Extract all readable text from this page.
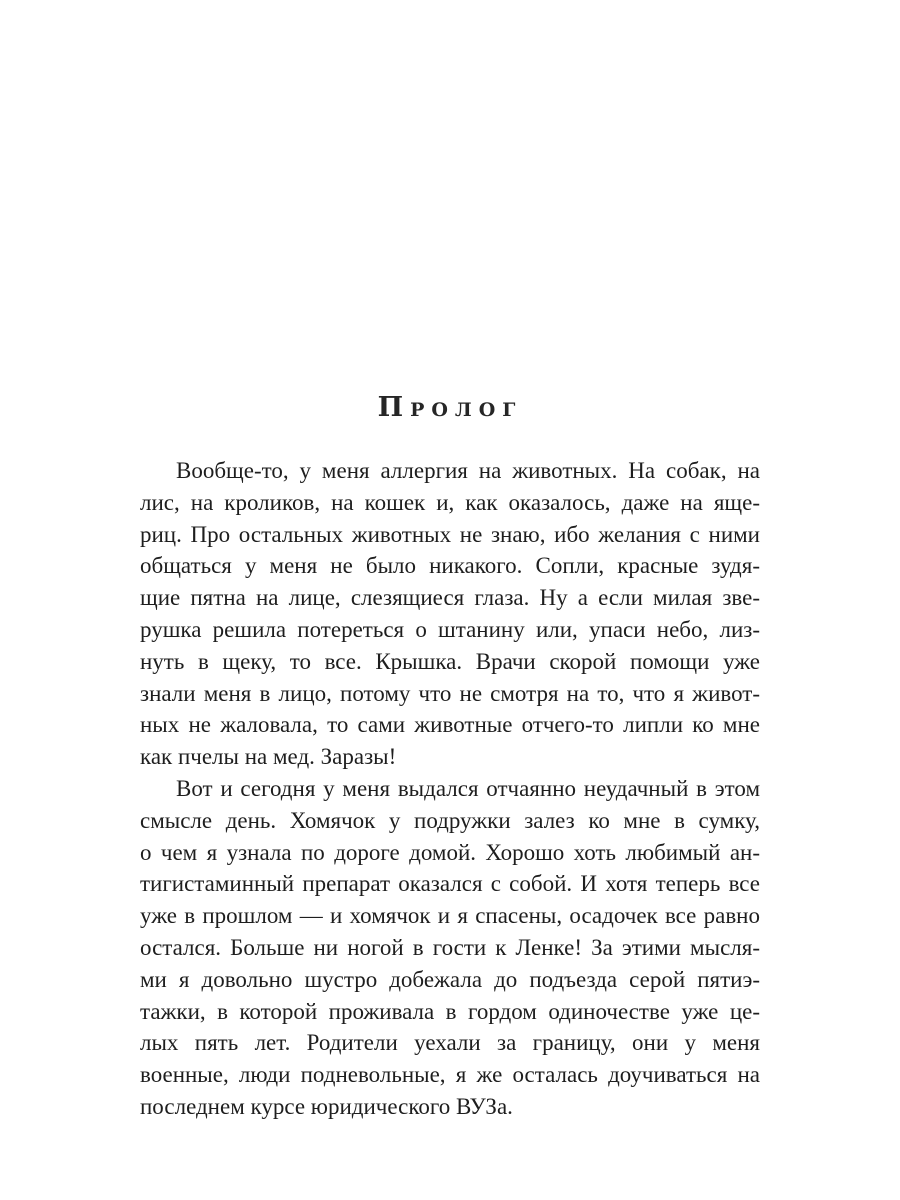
Пролог
Вообще-то, у меня аллергия на животных. На собак, на
лис, на кроликов, на кошек и, как оказалось, даже на яще-
риц. Про остальных животных не знаю, ибо желания с ними
общаться у меня не было никакого. Сопли, красные зудя-
щие пятна на лице, слезящиеся глаза. Ну а если милая зве-
рушка решила потереться о штанину или, упаси небо, лиз-
нуть в щеку, то все. Крышка. Врачи скорой помощи уже
знали меня в лицо, потому что не смотря на то, что я живот-
ных не жаловала, то сами животные отчего-то липли ко мне
как пчелы на мед. Заразы!
Вот и сегодня у меня выдался отчаянно неудачный в этом
смысле день. Хомячок у подружки залез ко мне в сумку,
о чем я узнала по дороге домой. Хорошо хоть любимый ан-
тигистаминный препарат оказался с собой. И хотя теперь все
уже в прошлом — и хомячок и я спасены, осадочек все равно
остался. Больше ни ногой в гости к Ленке! За этими мысля-
ми я довольно шустро добежала до подъезда серой пятиэ-
тажки, в которой проживала в гордом одиночестве уже це-
лых пять лет. Родители уехали за границу, они у меня
военные, люди подневольные, я же осталась доучиваться на
последнем курсе юридического ВУЗа.
